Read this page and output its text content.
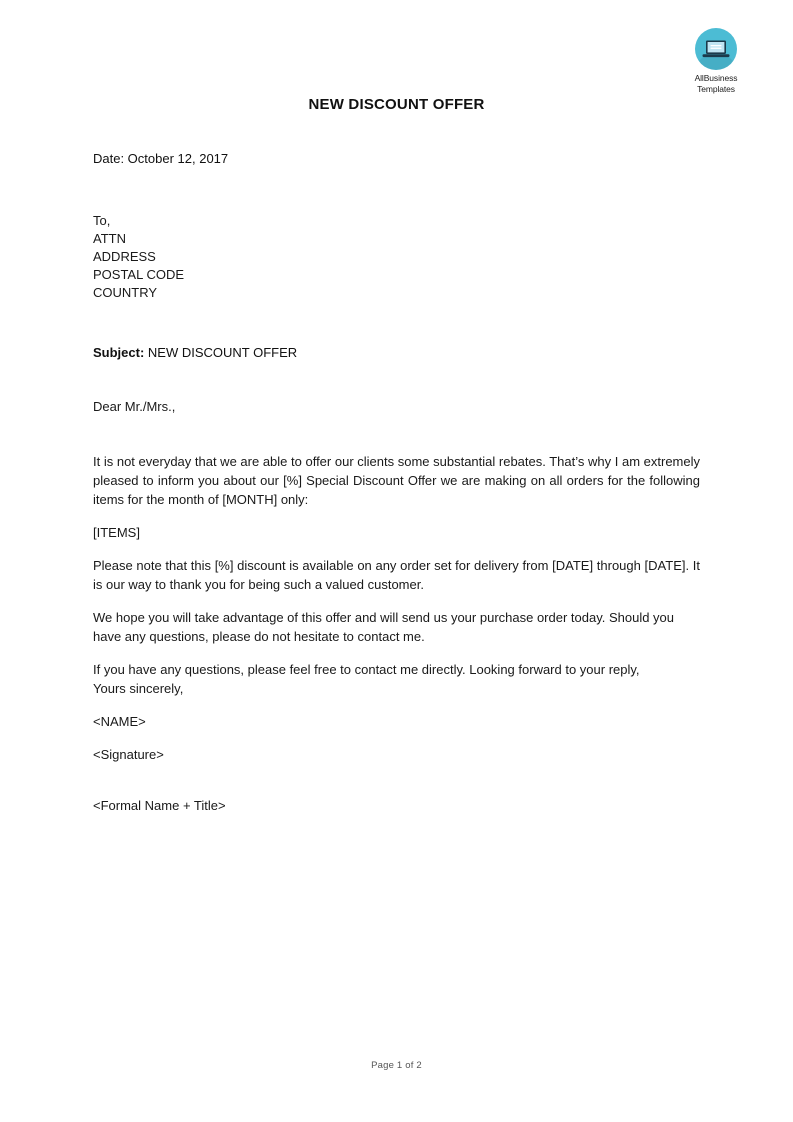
AllBusiness
Templates
NEW DISCOUNT OFFER
Date: October 12, 2017
To,
ATTN
ADDRESS
POSTAL CODE
COUNTRY
Subject: NEW DISCOUNT OFFER
Dear Mr./Mrs.,

It is not everyday that we are able to offer our clients some substantial rebates. That’s why I am extremely pleased to inform you about our [%] Special Discount Offer we are making on all orders for the following items for the month of [MONTH] only:

[ITEMS]

Please note that this [%] discount is available on any order set for delivery from [DATE] through [DATE]. It is our way to thank you for being such a valued customer.

We hope you will take advantage of this offer and will send us your purchase order today. Should you have any questions, please do not hesitate to contact me.

If you have any questions, please feel free to contact me directly. Looking forward to your reply,
Yours sincerely,

<NAME>

<Signature>

<Formal Name + Title>

Page 1 of 2
